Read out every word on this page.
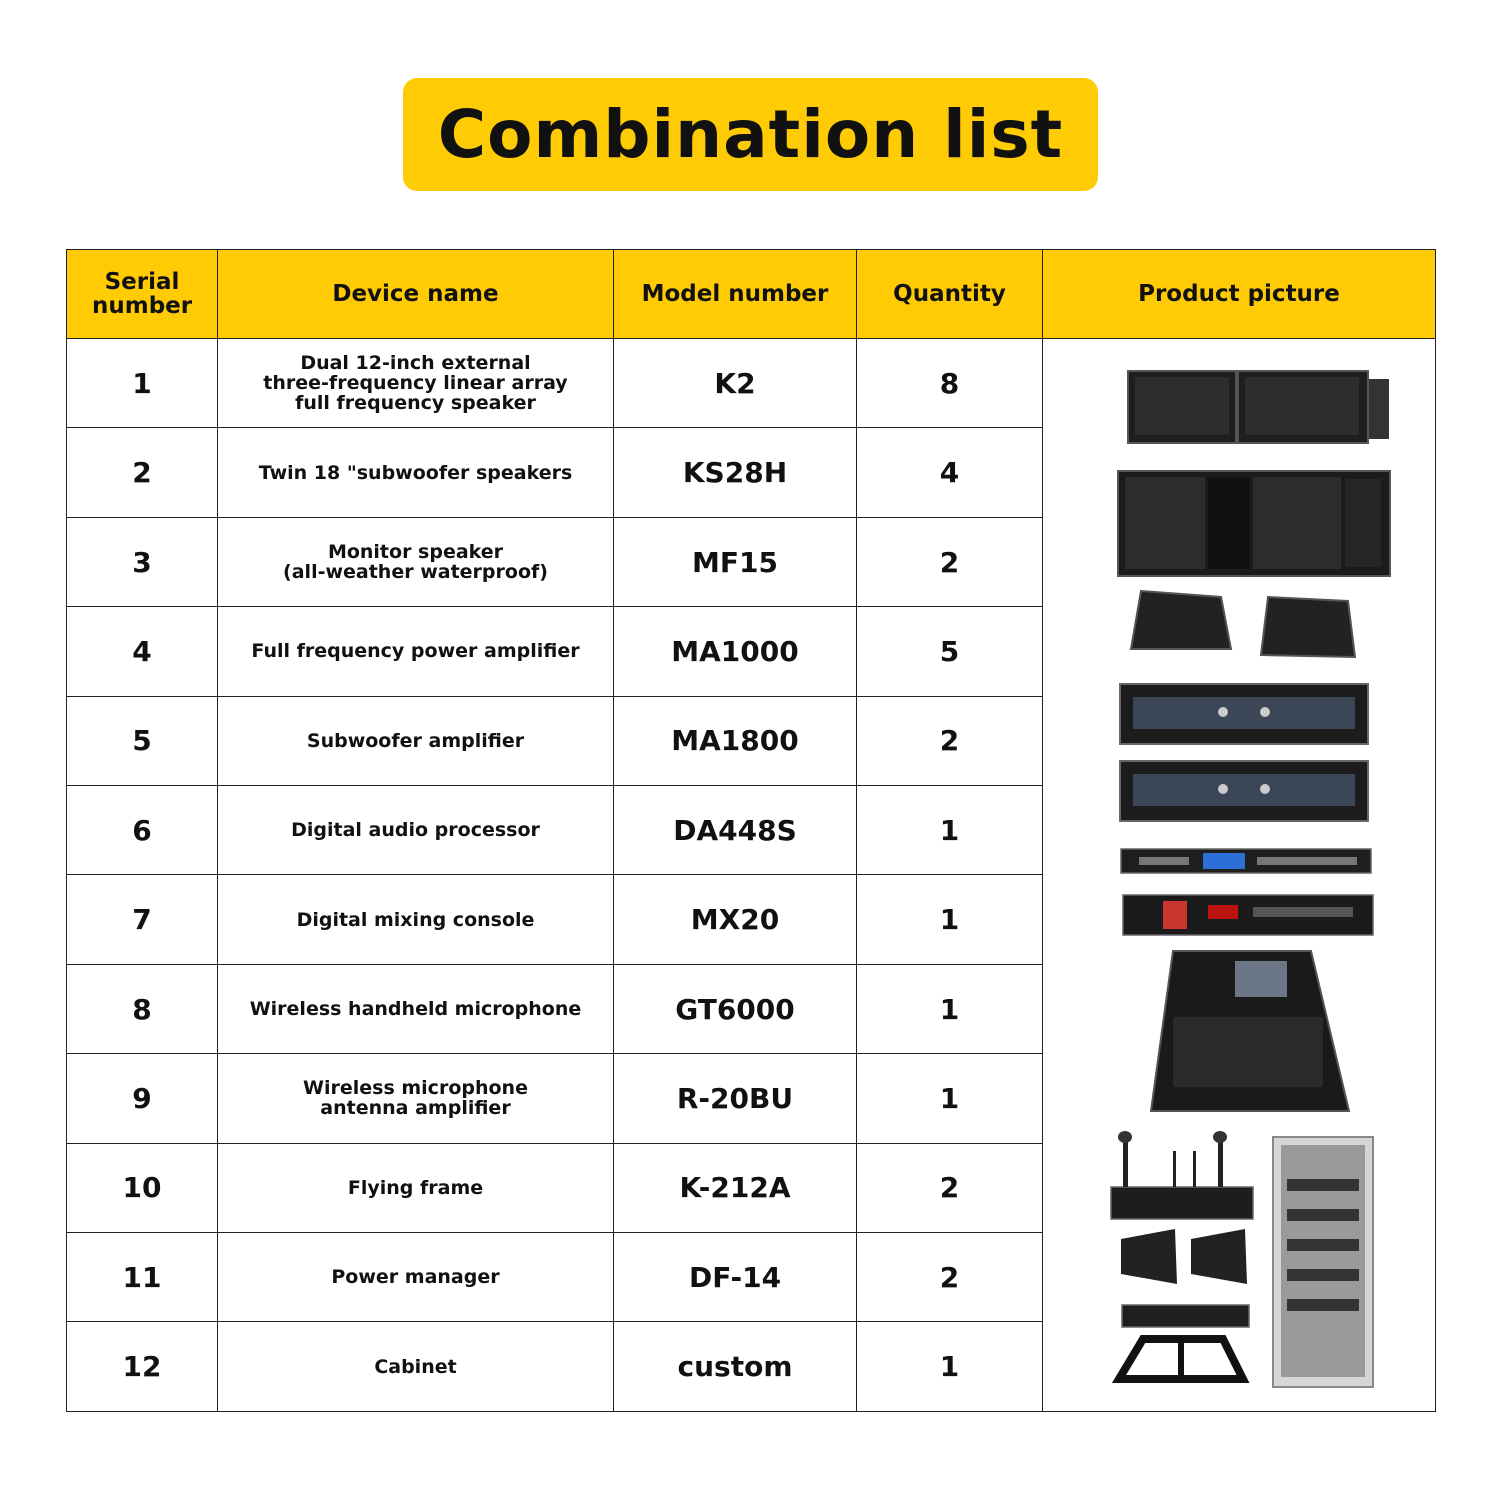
Combination list
Serial number	Device name	Model number	Quantity	Product picture
1	Dual 12-inch external
three-frequency linear array
full frequency speaker	K2	8	

2	Twin 18 "subwoofer speakers	KS28H	4	
3	Monitor speaker
(all-weather waterproof)	MF15	2	
4	Full frequency power amplifier	MA1000	5	
5	Subwoofer amplifier	MA1800	2	
6	Digital audio processor	DA448S	1	
7	Digital mixing console	MX20	1	
8	Wireless handheld microphone	GT6000	1	
9	Wireless microphone
antenna amplifier	R-20BU	1	
10	Flying frame	K-212A	2	
11	Power manager	DF-14	2	
12	Cabinet	custom	1	
